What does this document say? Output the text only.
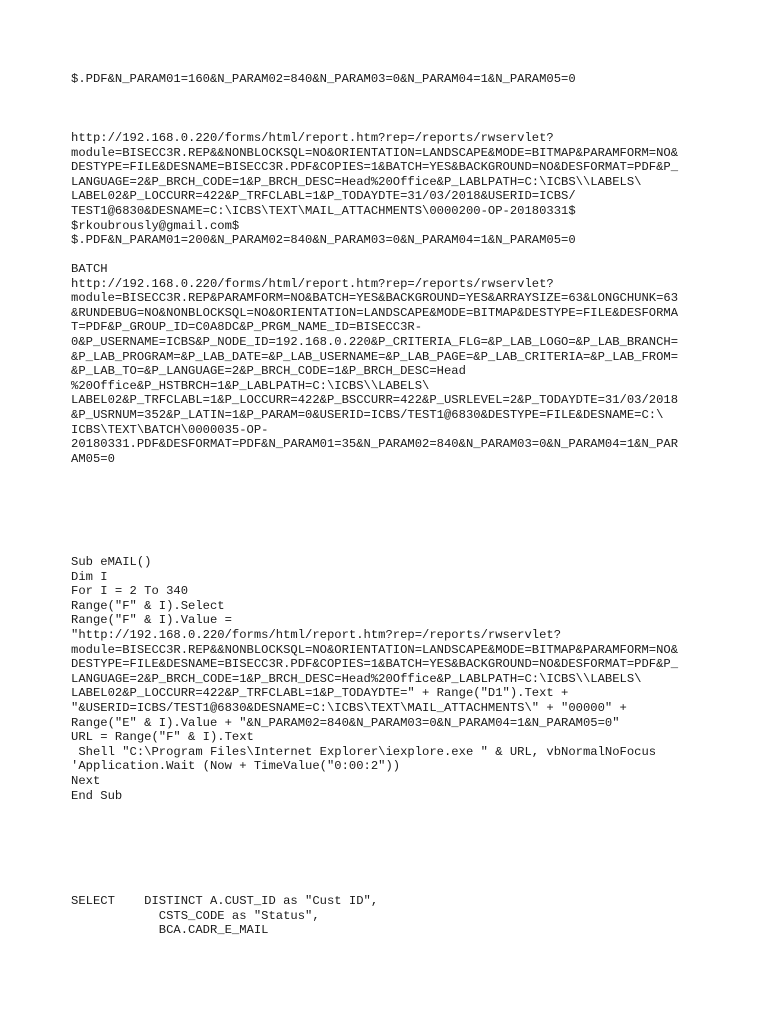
$.PDF&N_PARAM01=160&N_PARAM02=840&N_PARAM03=0&N_PARAM04=1&N_PARAM05=0

http://192.168.0.220/forms/html/report.htm?rep=/reports/rwservlet?
module=BISECC3R.REP&&NONBLOCKSQL=NO&ORIENTATION=LANDSCAPE&MODE=BITMAP&PARAMFORM=NO&
DESTYPE=FILE&DESNAME=BISECC3R.PDF&COPIES=1&BATCH=YES&BACKGROUND=NO&DESFORMAT=PDF&P_
LANGUAGE=2&P_BRCH_CODE=1&P_BRCH_DESC=Head%20Office&P_LABLPATH=C:\ICBS\\LABELS\
LABEL02&P_LOCCURR=422&P_TRFCLABL=1&P_TODAYDTE=31/03/2018&USERID=ICBS/
TEST1@6830&DESNAME=C:\ICBS\TEXT\MAIL_ATTACHMENTS\0000200-OP-20180331$
$rkoubrously@gmail.com$
$.PDF&N_PARAM01=200&N_PARAM02=840&N_PARAM03=0&N_PARAM04=1&N_PARAM05=0

BATCH
http://192.168.0.220/forms/html/report.htm?rep=/reports/rwservlet?
module=BISECC3R.REP&PARAMFORM=NO&BATCH=YES&BACKGROUND=YES&ARRAYSIZE=63&LONGCHUNK=63
&RUNDEBUG=NO&NONBLOCKSQL=NO&ORIENTATION=LANDSCAPE&MODE=BITMAP&DESTYPE=FILE&DESFORMA
T=PDF&P_GROUP_ID=C0A8DC&P_PRGM_NAME_ID=BISECC3R-
0&P_USERNAME=ICBS&P_NODE_ID=192.168.0.220&P_CRITERIA_FLG=&P_LAB_LOGO=&P_LAB_BRANCH=
&P_LAB_PROGRAM=&P_LAB_DATE=&P_LAB_USERNAME=&P_LAB_PAGE=&P_LAB_CRITERIA=&P_LAB_FROM=
&P_LAB_TO=&P_LANGUAGE=2&P_BRCH_CODE=1&P_BRCH_DESC=Head
%20Office&P_HSTBRCH=1&P_LABLPATH=C:\ICBS\\LABELS\
LABEL02&P_TRFCLABL=1&P_LOCCURR=422&P_BSCCURR=422&P_USRLEVEL=2&P_TODAYDTE=31/03/2018
&P_USRNUM=352&P_LATIN=1&P_PARAM=0&USERID=ICBS/TEST1@6830&DESTYPE=FILE&DESNAME=C:\
ICBS\TEXT\BATCH\0000035-OP-
20180331.PDF&DESFORMAT=PDF&N_PARAM01=35&N_PARAM02=840&N_PARAM03=0&N_PARAM04=1&N_PAR
AM05=0

Sub eMAIL()
Dim I
For I = 2 To 340
Range("F" & I).Select
Range("F" & I).Value =
"http://192.168.0.220/forms/html/report.htm?rep=/reports/rwservlet?
module=BISECC3R.REP&&NONBLOCKSQL=NO&ORIENTATION=LANDSCAPE&MODE=BITMAP&PARAMFORM=NO&
DESTYPE=FILE&DESNAME=BISECC3R.PDF&COPIES=1&BATCH=YES&BACKGROUND=NO&DESFORMAT=PDF&P_
LANGUAGE=2&P_BRCH_CODE=1&P_BRCH_DESC=Head%20Office&P_LABLPATH=C:\ICBS\\LABELS\
LABEL02&P_LOCCURR=422&P_TRFCLABL=1&P_TODAYDTE=" + Range("D1").Text +
"&USERID=ICBS/TEST1@6830&DESNAME=C:\ICBS\TEXT\MAIL_ATTACHMENTS\" + "00000" +
Range("E" & I).Value + "&N_PARAM02=840&N_PARAM03=0&N_PARAM04=1&N_PARAM05=0"
URL = Range("F" & I).Text
Shell "C:\Program Files\Internet Explorer\iexplore.exe " & URL, vbNormalNoFocus
'Application.Wait (Now + TimeValue("0:00:2"))
Next
End Sub

SELECT    DISTINCT A.CUST_ID as "Cust ID",
CSTS_CODE as "Status",
BCA.CADR_E_MAIL
